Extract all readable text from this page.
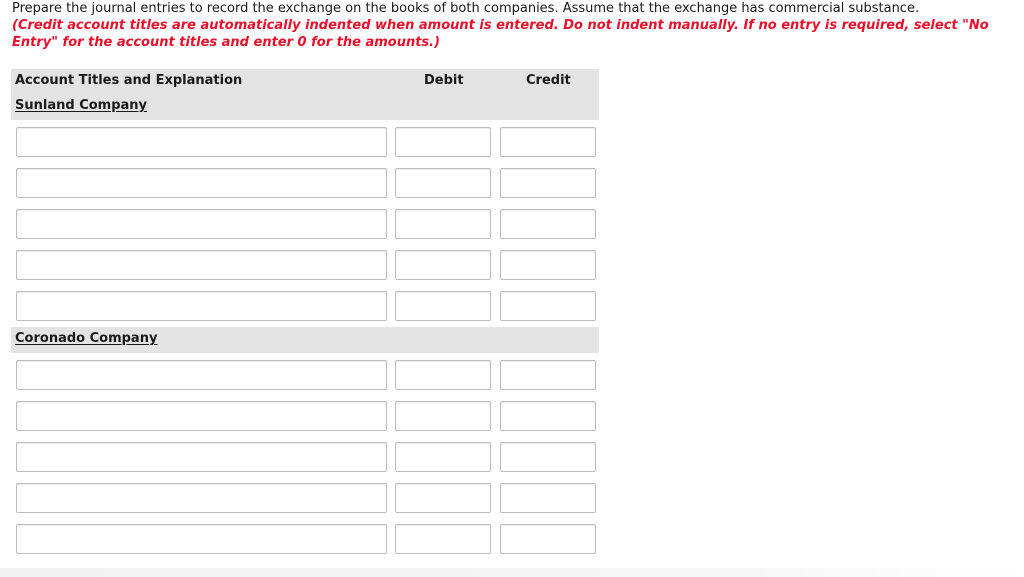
Prepare the journal entries to record the exchange on the books of both companies. Assume that the exchange has commercial substance.
(Credit account titles are automatically indented when amount is entered. Do not indent manually. If no entry is required, select "No Entry" for the account titles and enter 0 for the amounts.)
Account Titles and Explanation	Debit	Credit
Sunland Company
Coronado Company
